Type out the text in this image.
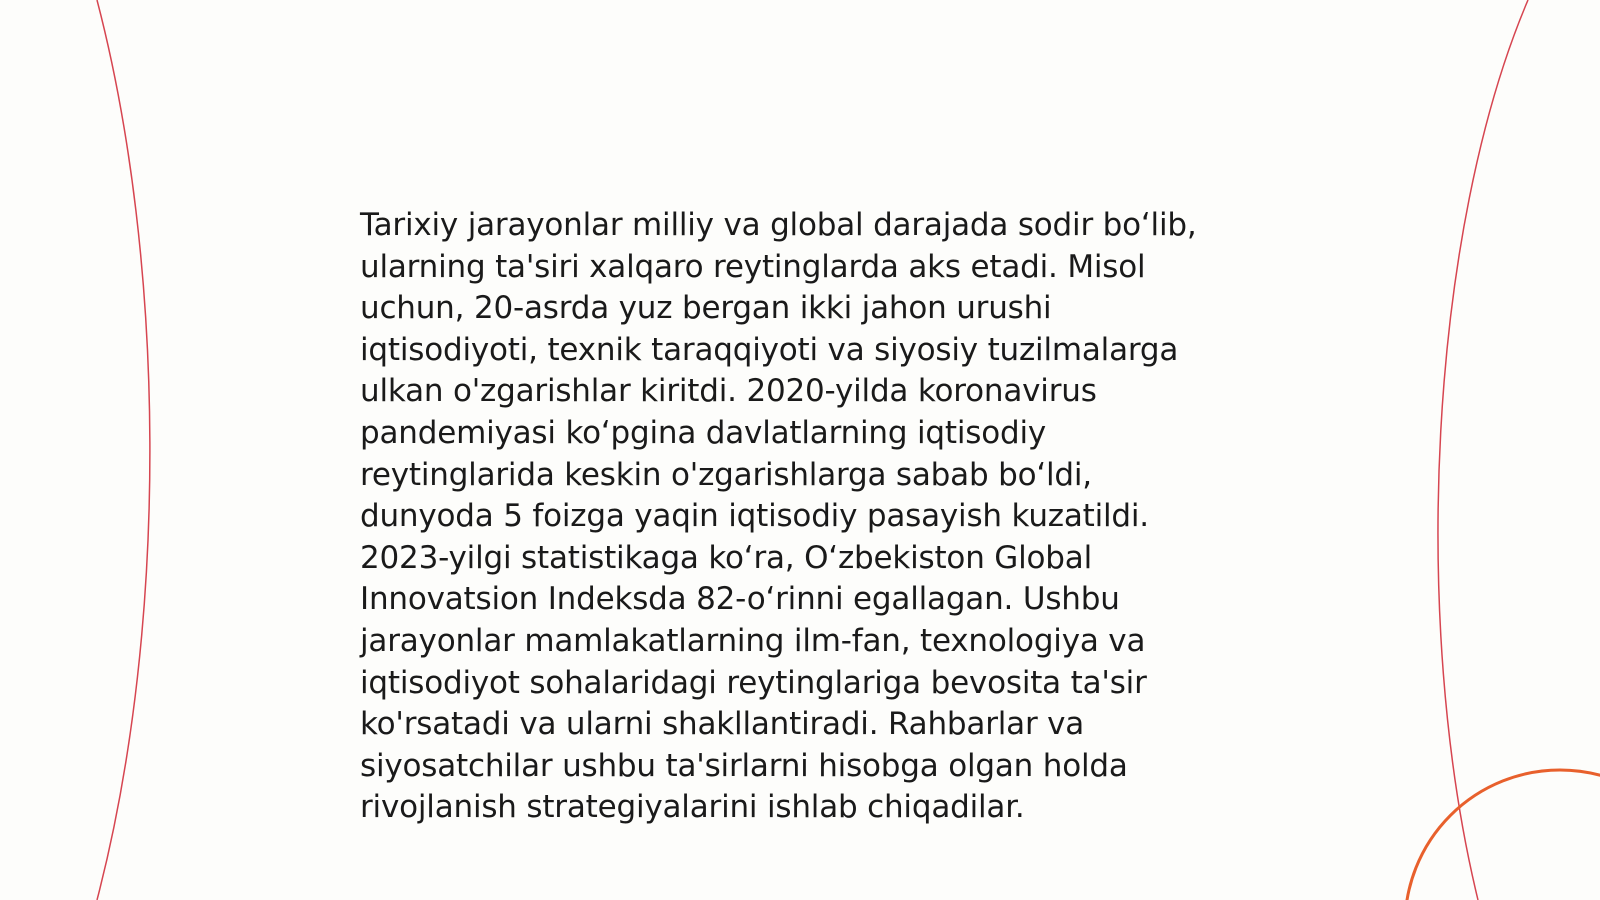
Tarixiy jarayonlar milliy va global darajada sodir bo‘lib,
ularning ta'siri xalqaro reytinglarda aks etadi. Misol
uchun, 20-asrda yuz bergan ikki jahon urushi
iqtisodiyoti, texnik taraqqiyoti va siyosiy tuzilmalarga
ulkan o'zgarishlar kiritdi. 2020-yilda koronavirus
pandemiyasi ko‘pgina davlatlarning iqtisodiy
reytinglarida keskin o'zgarishlarga sabab bo‘ldi,
dunyoda 5 foizga yaqin iqtisodiy pasayish kuzatildi.
2023-yilgi statistikaga ko‘ra, O‘zbekiston Global
Innovatsion Indeksda 82-o‘rinni egallagan. Ushbu
jarayonlar mamlakatlarning ilm-fan, texnologiya va
iqtisodiyot sohalaridagi reytinglariga bevosita ta'sir
ko'rsatadi va ularni shakllantiradi. Rahbarlar va
siyosatchilar ushbu ta'sirlarni hisobga olgan holda
rivojlanish strategiyalarini ishlab chiqadilar.
